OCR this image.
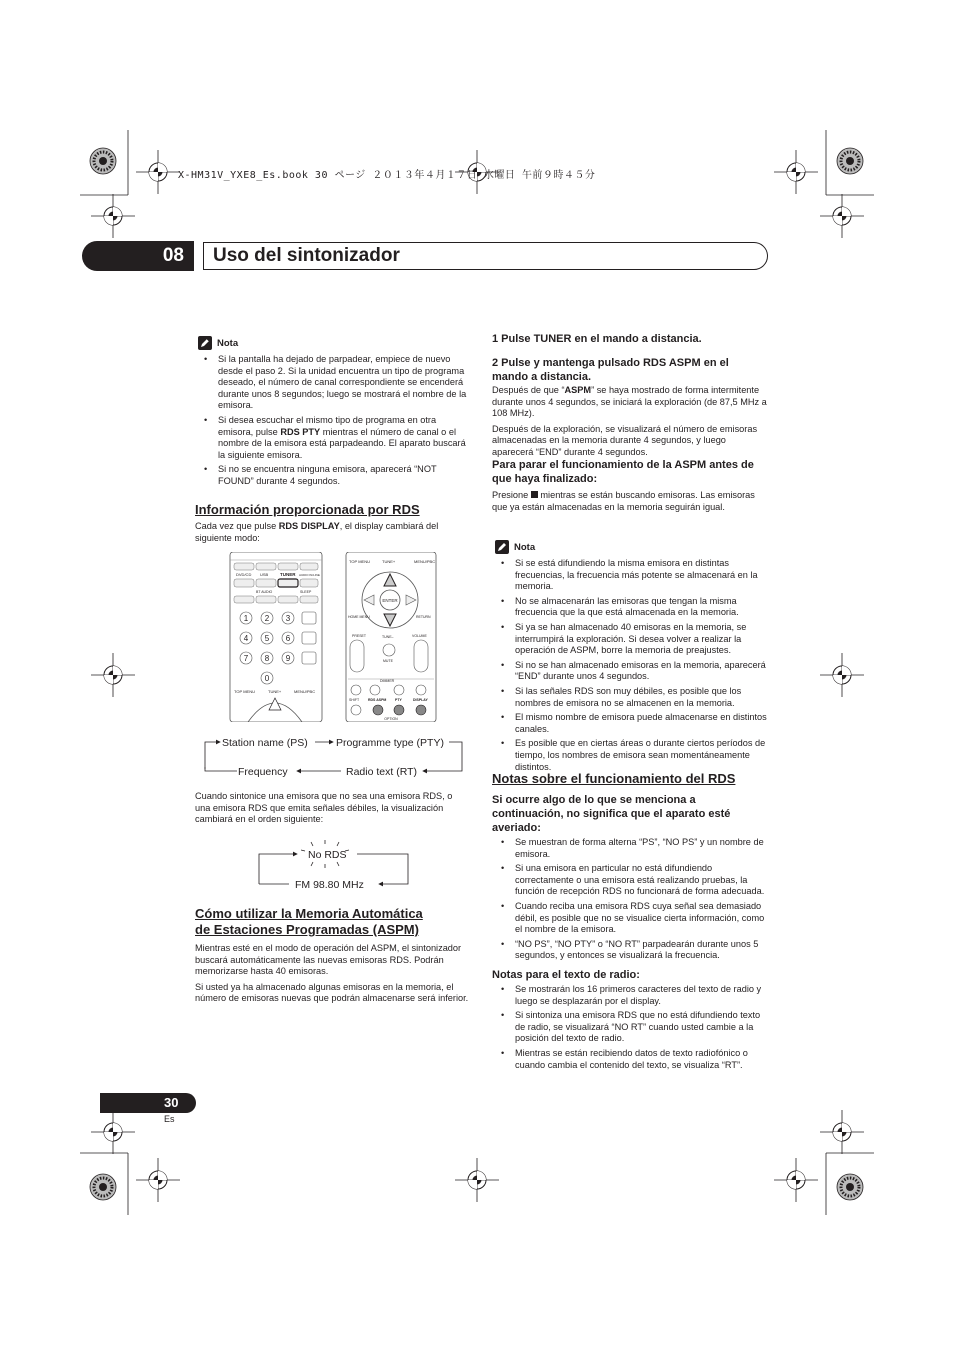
X-HM31V_YXE8_Es.book 30 ページ ２０１３年４月１７日 水曜日 午前９時４５分
08	Uso del sintonizador
Nota
• Si la pantalla ha dejado de parpadear, empiece de nuevo desde el paso 2. Si la unidad encuentra un tipo de programa deseado, el número de canal correspondiente se encenderá durante unos 8 segundos; luego se mostrará el nombre de la emisora.
• Si desea escuchar el mismo tipo de programa en otra emisora, pulse RDS PTY mientras el número de canal o el nombre de la emisora está parpadeando. El aparato buscará la siguiente emisora.
• Si no se encuentra ninguna emisora, aparecerá “NOT FOUND” durante 4 segundos.
Información proporcionada por RDS
Cada vez que pulse RDS DISPLAY, el display cambiará del siguiente modo:
DVD/CD USB	TUNER AUDIO IN/LINE
BT AUDIO	SLEEP
1 2 3
4 5 6
7 8 9
0
TOP MENU	TUNE+	MENU/PBC
TOP MENU	TUNE+	MENU/PBC
ENTER
HOME MENU	RETURN
PRESET	TUNE–	VOLUME
MUTE
DIMMER
SHIFT	RDS ASPM PTY	DISPLAY
OPTION
Station name (PS)	Programme type (PTY)
Frequency	Radio text (RT)
Cuando sintonice una emisora que no sea una emisora RDS, o una emisora RDS que emita señales débiles, la visualización cambiará en el orden siguiente:
No RDS
FM 98.80 MHz
Cómo utilizar la Memoria Automática
de Estaciones Programadas (ASPM)

Mientras esté en el modo de operación del ASPM, el sintonizador buscará automáticamente las nuevas emisoras RDS. Podrán memorizarse hasta 40 emisoras.

Si usted ya ha almacenado algunas emisoras en la memoria, el número de emisoras nuevas que podrán almacenarse será inferior.

1 Pulse TUNER en el mando a distancia.
2 Pulse y mantenga pulsado RDS ASPM en el mando a distancia.

Después de que “ASPM” se haya mostrado de forma intermitente durante unos 4 segundos, se iniciará la exploración (de 87,5 MHz a 108 MHz).

Después de la exploración, se visualizará el número de emisoras almacenadas en la memoria durante 4 segundos, y luego aparecerá “END” durante 4 segundos.

Para parar el funcionamiento de la ASPM antes de que haya finalizado:
Presione mientras se están buscando emisoras. Las emisoras que ya están almacenadas en la memoria seguirán igual.
Nota
• Si se está difundiendo la misma emisora en distintas frecuencias, la frecuencia más potente se almacenará en la memoria.
• No se almacenarán las emisoras que tengan la misma frecuencia que la que está almacenada en la memoria.
• Si ya se han almacenado 40 emisoras en la memoria, se interrumpirá la exploración. Si desea volver a realizar la operación de ASPM, borre la memoria de preajustes.
• Si no se han almacenado emisoras en la memoria, aparecerá “END” durante unos 4 segundos.
• Si las señales RDS son muy débiles, es posible que los nombres de emisora no se almacenen en la memoria.
• El mismo nombre de emisora puede almacenarse en distintos canales.
• Es posible que en ciertas áreas o durante ciertos períodos de tiempo, los nombres de emisora sean momentáneamente distintos.
Notas sobre el funcionamiento del RDS
Si ocurre algo de lo que se menciona a continuación, no significa que el aparato esté averiado:
• Se muestran de forma alterna “PS”, “NO PS” y un nombre de emisora.
• Si una emisora en particular no está difundiendo correctamente o una emisora está realizando pruebas, la función de recepción RDS no funcionará de forma adecuada.
• Cuando reciba una emisora RDS cuya señal sea demasiado débil, es posible que no se visualice cierta información, como el nombre de la emisora.
• “NO PS”, “NO PTY” o “NO RT” parpadearán durante unos 5 segundos, y entonces se visualizará la frecuencia.
Notas para el texto de radio:
• Se mostrarán los 16 primeros caracteres del texto de radio y luego se desplazarán por el display.
• Si sintoniza una emisora RDS que no está difundiendo texto de radio, se visualizará “NO RT” cuando usted cambie a la posición del texto de radio.
• Mientras se están recibiendo datos de texto radiofónico o cuando cambia el contenido del texto, se visualiza “RT”.
30
Es
